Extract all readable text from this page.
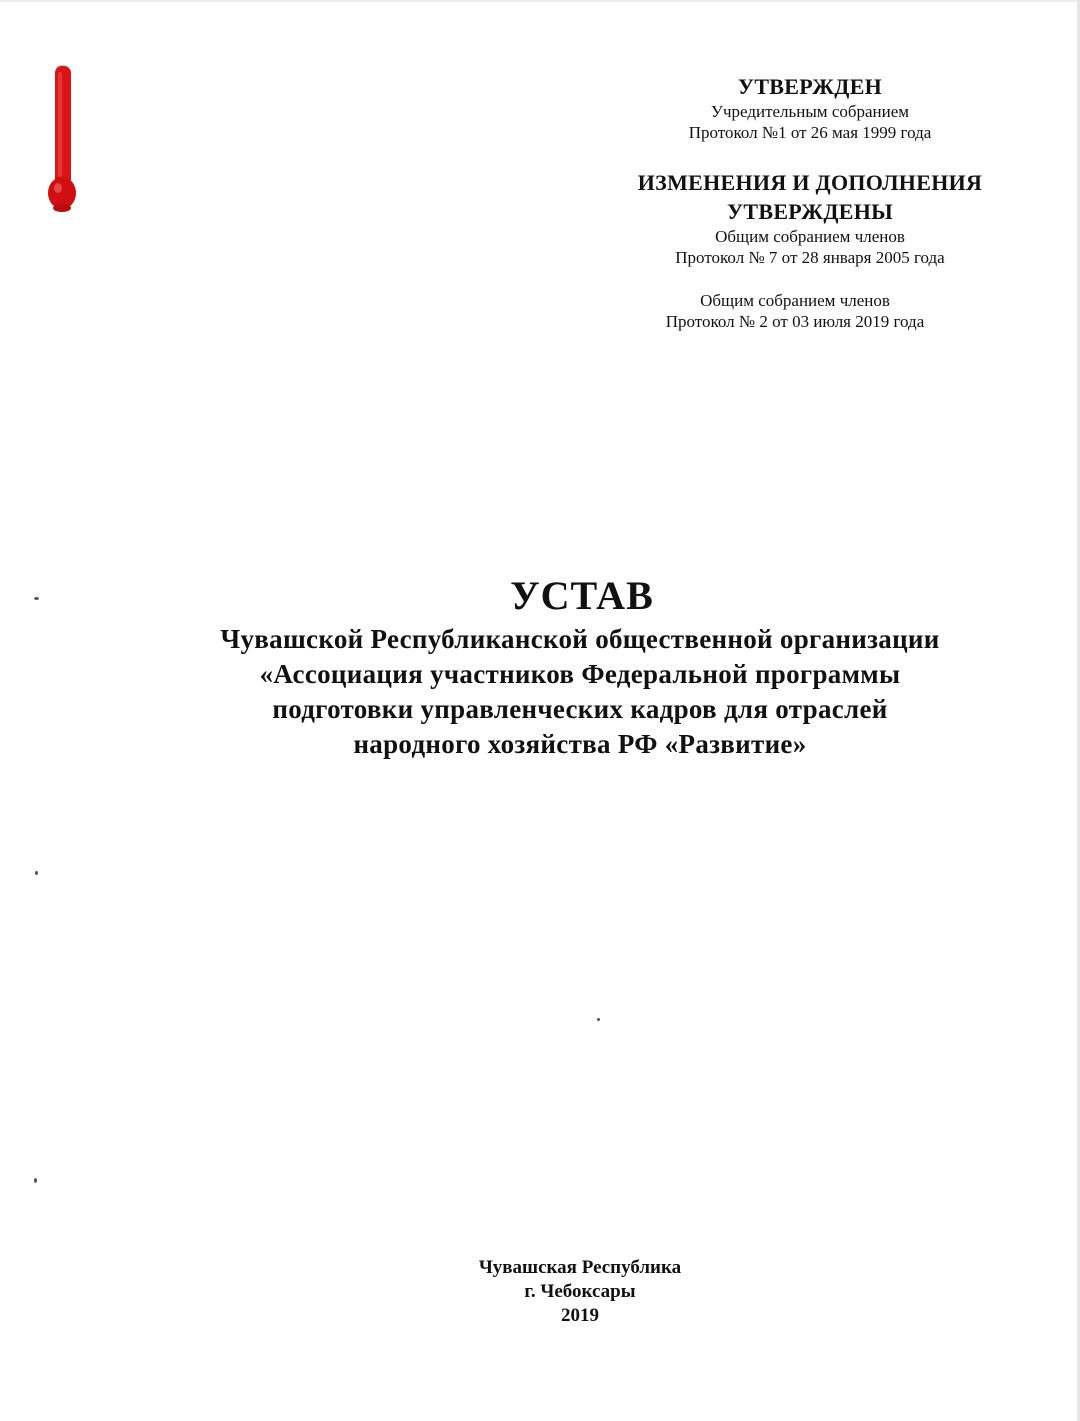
УТВЕРЖДЕН
Учредительным собранием
Протокол №1 от 26 мая 1999 года
ИЗМЕНЕНИЯ И ДОПОЛНЕНИЯ
УТВЕРЖДЕНЫ
Общим собранием членов
Протокол № 7 от 28 января 2005 года
Общим собранием членов
Протокол № 2 от 03 июля 2019 года
УСТАВ
Чувашской Республиканской общественной организации
«Ассоциация участников Федеральной программы
подготовки управленческих кадров для отраслей
народного хозяйства РФ «Развитие»
Чувашская Республика
г. Чебоксары
2019
